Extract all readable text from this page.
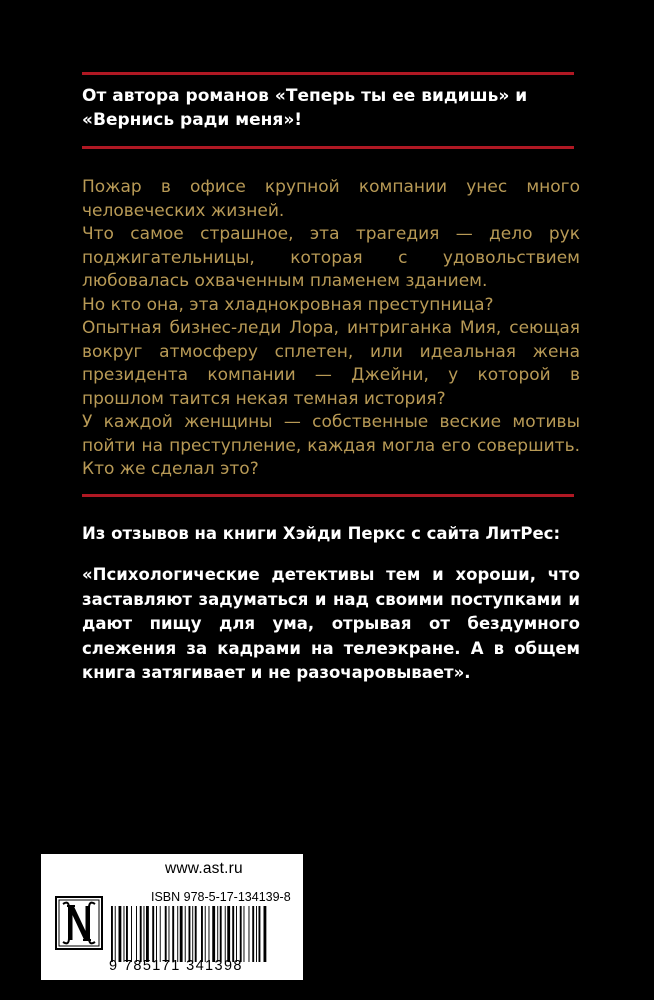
От автора романов «Теперь ты ее видишь» и «Вернись ради меня»!

Пожар в офисе крупной компании унес много человеческих жизней.

Что самое страшное, эта трагедия — дело рук поджигательницы, которая с удовольствием любовалась охваченным пламенем зданием.

Но кто она, эта хладнокровная преступница?

Опытная бизнес-леди Лора, интриганка Мия, сеющая вокруг атмосферу сплетен, или идеальная жена президента компании — Джейни, у которой в прошлом таится некая темная история?

У каждой женщины — собственные веские мотивы пойти на преступление, каждая могла его совершить. Кто же сделал это?

Из отзывов на книги Хэйди Перкс с сайта ЛитРес:
«Психологические детективы тем и хороши, что заставляют задуматься и над своими поступками и дают пищу для ума, отрывая от бездумного слежения за кадрами на телеэкране. А в общем книга затягивает и не разочаровывает».
www.ast.ru
ISBN 978-5-17-134139-8
9 785171 341398
